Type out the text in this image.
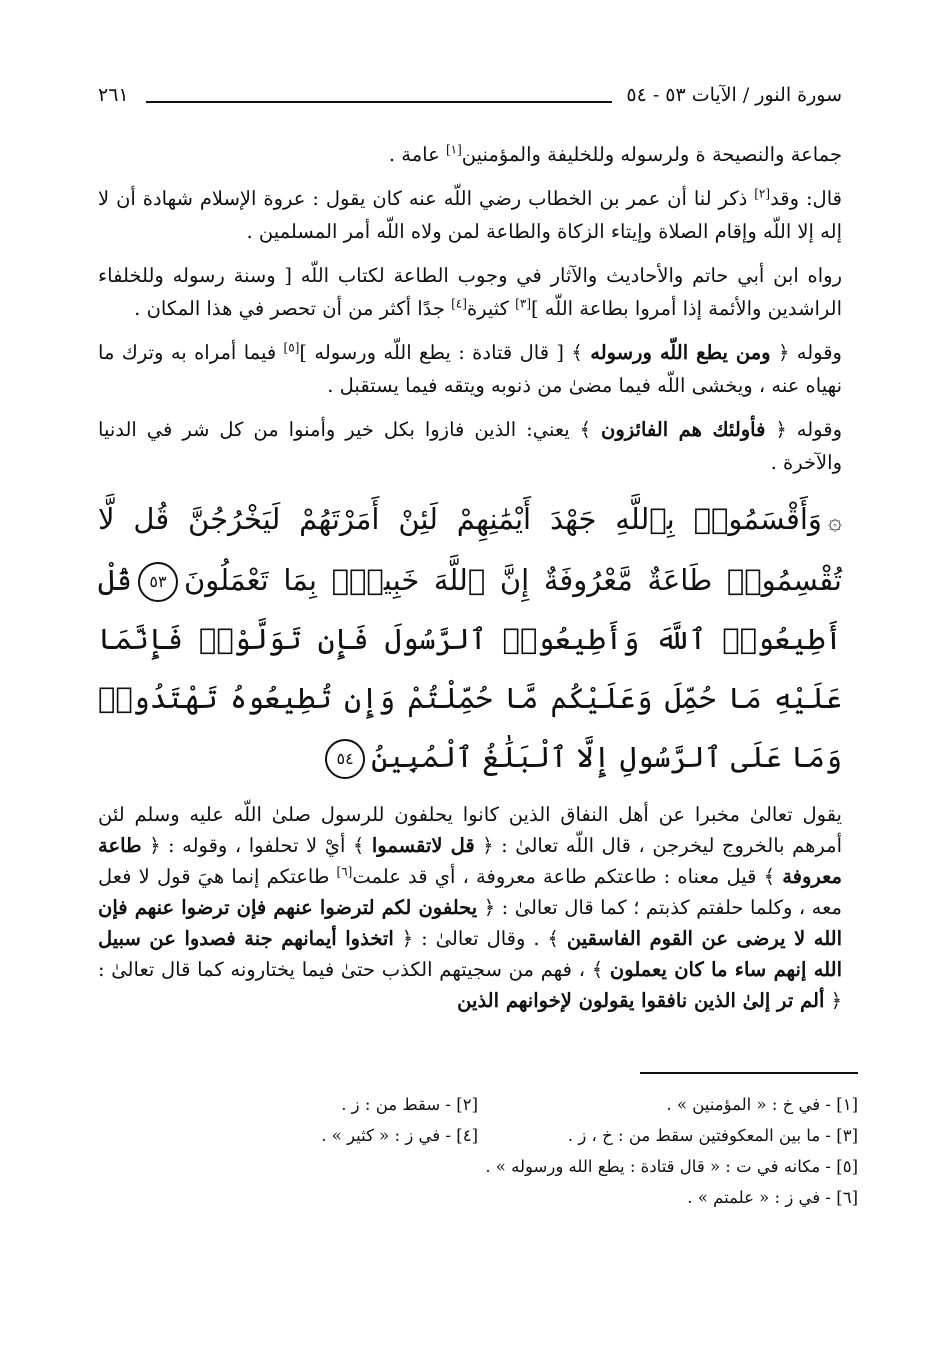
سورة النور / الآيات ٥٣ - ٥٤
٢٦١

جماعة والنصيحة ة ولرسوله وللخليفة والمؤمنين[١] عامة .

قال: وقد[٢] ذكر لنا أن عمر بن الخطاب رضي اللّه عنه كان يقول : عروة الإسلام شهادة أن لا إله إلا اللّه وإقام الصلاة وإيتاء الزكاة والطاعة لمن ولاه اللّه أمر المسلمين .

رواه ابن أبي حاتم والأحاديث والآثار في وجوب الطاعة لكتاب اللّه [ وسنة رسوله وللخلفاء الراشدين والأئمة إذا أمروا بطاعة اللّه ][٣] كثيرة[٤] جدًا أكثر من أن تحصر في هذا المكان .

وقوله ﴿ ومن يطع اللّه ورسوله ﴾ [ قال قتادة : يطع اللّه ورسوله ][٥] فيما أمراه به وترك ما نهياه عنه ، ويخشى اللّه فيما مضىٰ من ذنوبه ويتقه فيما يستقبل .

وقوله ﴿ فأولئك هم الفائزون ﴾ يعني: الذين فازوا بكل خير وأمنوا من كل شر في الدنيا والآخرة .

۞وَأَقْسَمُوا۟ بِٱللَّهِ جَهْدَ أَيْمَٰنِهِمْ لَئِنْ أَمَرْتَهُمْ لَيَخْرُجُنَّ قُل لَّا تُقْسِمُوا۟ طَاعَةٌ مَّعْرُوفَةٌ إِنَّ ٱللَّهَ خَبِيرٌۢ بِمَا تَعْمَلُونَ٥٣قُلْ أَطِيعُوا۟ ٱللَّهَ وَأَطِيعُوا۟ ٱلرَّسُولَ فَإِن تَوَلَّوْا۟ فَإِنَّمَا عَلَيْهِ مَا حُمِّلَ وَعَلَيْكُم مَّا حُمِّلْتُمْ وَإِن تُطِيعُوهُ تَهْتَدُوا۟ وَمَا عَلَى ٱلرَّسُولِ إِلَّا ٱلْبَلَٰغُ ٱلْمُبِينُ٥٤

يقول تعالىٰ مخبرا عن أهل النفاق الذين كانوا يحلفون للرسول صلىٰ اللّه عليه وسلم لئن أمرهم بالخروج ليخرجن ، قال اللّه تعالىٰ : ﴿ قل لاتقسموا ﴾ أيْ لا تحلفوا ، وقوله : ﴿ طاعة معروفة ﴾ قيل معناه : طاعتكم طاعة معروفة ، أي قد علمت[٦] طاعتكم إنما هيَ قول لا فعل معه ، وكلما حلفتم كذبتم ؛ كما قال تعالىٰ : ﴿ يحلفون لكم لترضوا عنهم فإن ترضوا عنهم فإن الله لا يرضى عن القوم الفاسقين ﴾ . وقال تعالىٰ : ﴿ اتخذوا أيمانهم جنة فصدوا عن سبيل الله إنهم ساء ما كان يعملون ﴾ ، فهم من سجيتهم الكذب حتىٰ فيما يختارونه كما قال تعالىٰ : ﴿ ألم تر إلىٰ الذين نافقوا يقولون لإخوانهم الذين

[١] - في خ : « المؤمنين » .
[٢] - سقط من : ز .
[٣] - ما بين المعكوفتين سقط من : خ ، ز .
[٤] - في ز : « كثير » .
[٥] - مكانه في ت : « قال قتادة : يطع الله ورسوله » .
[٦] - في ز : « علمتم » .
